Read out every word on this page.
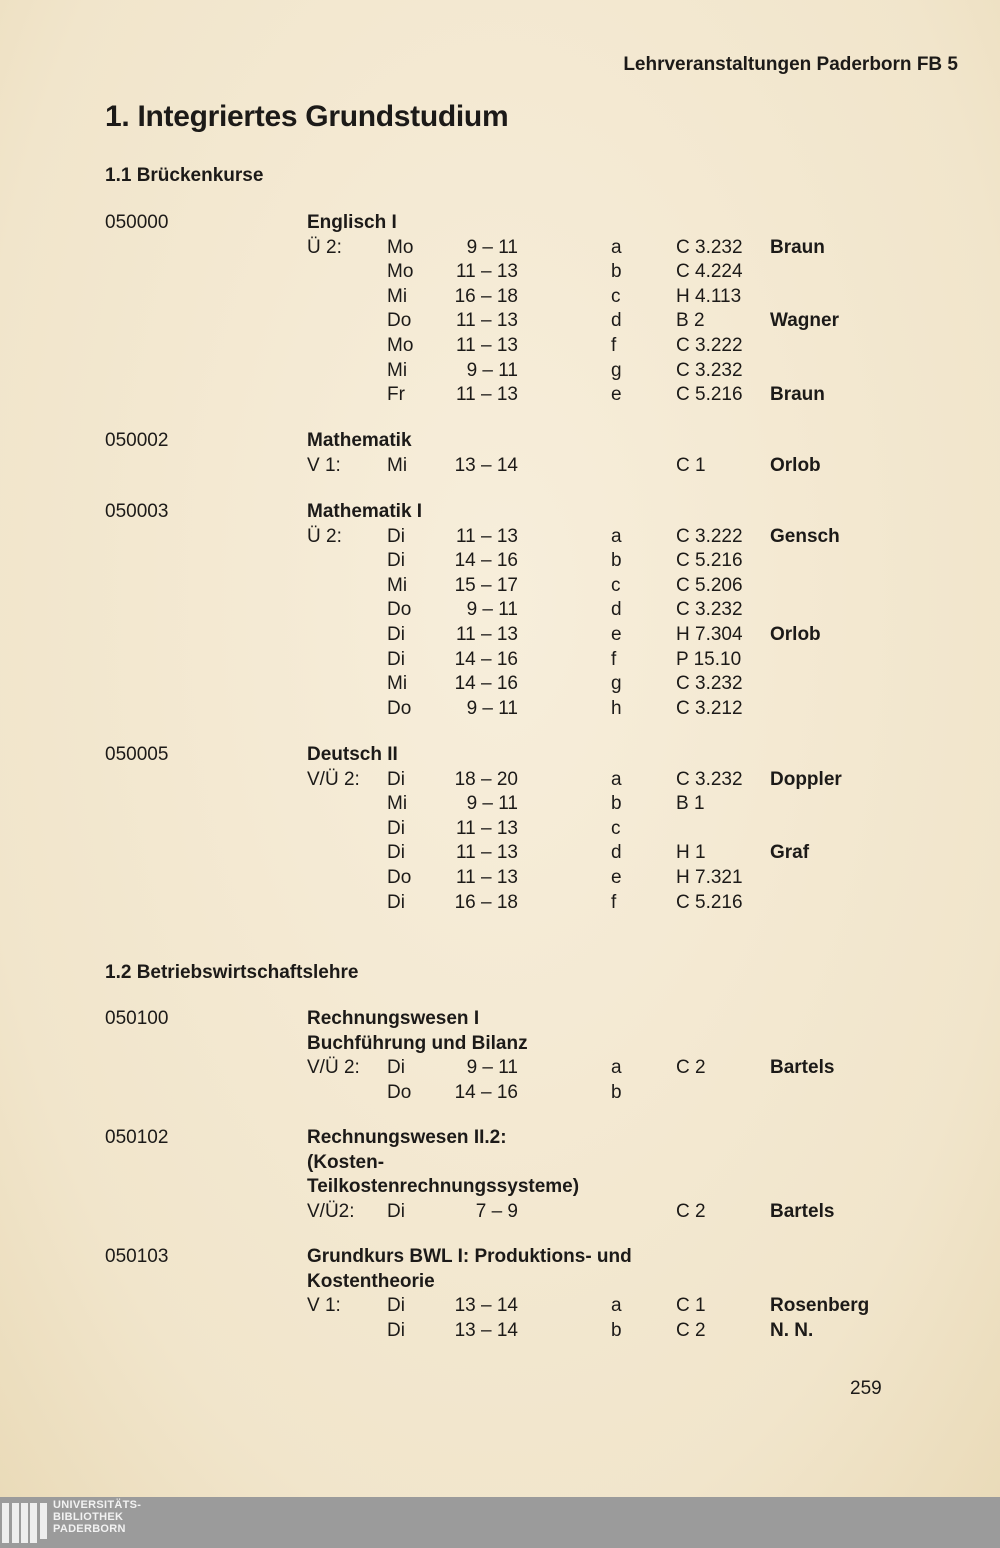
Lehrveranstaltungen Paderborn FB 5
1. Integriertes Grundstudium
1.1 Brückenkurse
1.2 Betriebswirtschaftslehre
050000	Englisch I
Ü 2: Mo	9 – 11	a	C 3.232 Braun
Mo 11 – 13	b	C 4.224
Mi	16 – 18	c	H 4.113
Do 11 – 13	d	B 2	Wagner
Mo 11 – 13	f	C 3.222
Mi	9 – 11	g	C 3.232
Fr	11 – 13	e	C 5.216 Braun
050002	Mathematik
V 1: Mi	13 – 14	C 1	Orlob
050003	Mathematik I
Ü 2: Di	11 – 13	a	C 3.222 Gensch
Di	14 – 16	b	C 5.216
Mi	15 – 17	c	C 5.206
Do	9 – 11	d	C 3.232
Di	11 – 13	e	H 7.304 Orlob
Di	14 – 16	f	P 15.10
Mi	14 – 16	g	C 3.232
Do	9 – 11	h	C 3.212
050005	Deutsch II
V/Ü 2: Di	18 – 20	a	C 3.232 Doppler
Mi	9 – 11	b	B 1
Di	11 – 13	c
Di	11 – 13	d	H 1	Graf
Do 11 – 13	e	H 7.321
Di	16 – 18	f	C 5.216
050100	Rechnungswesen I
Buchführung und Bilanz
V/Ü 2: Di	9 – 11	a	C 2	Bartels
Do 14 – 16	b
050102	Rechnungswesen II.2:
(Kosten-
Teilkostenrechnungssysteme)
V/Ü2: Di	7 – 9	C 2	Bartels
050103	Grundkurs BWL I: Produktions- und
Kostentheorie
V 1: Di	13 – 14	a	C 1	Rosenberg
Di	13 – 14	b	C 2	N. N.
259
UNIVERSITÄTS-
BIBLIOTHEK
PADERBORN
